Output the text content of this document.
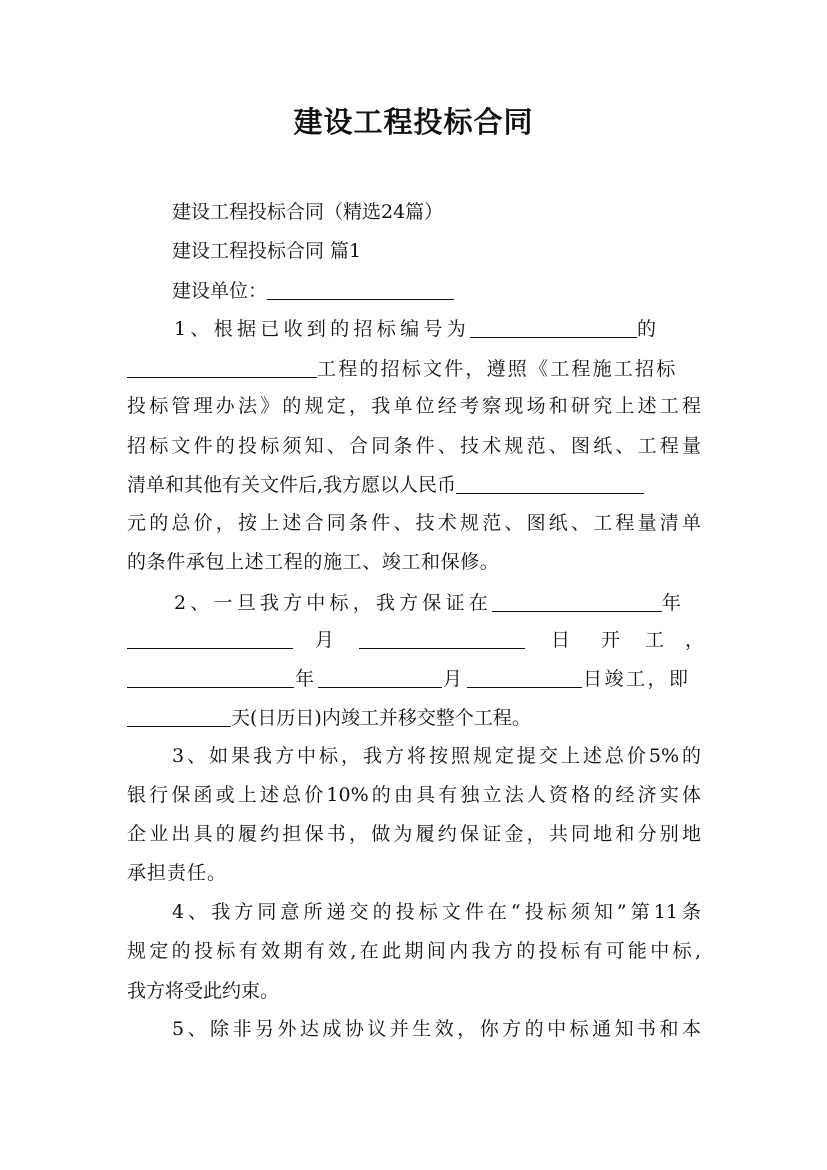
建设工程投标合同
建设工程投标合同（精选24篇）
建设工程投标合同 篇1
建设单位：
1、根据已收到的招标编号为	的
工程的招标文件，遵照《工程施工招标
投标管理办法》的规定，我单位经考察现场和研究上述工程
招标文件的投标须知、合同条件、技术规范、图纸、工程量
清单和其他有关文件后,我方愿以人民币
元的总价，按上述合同条件、技术规范、图纸、工程量清单
的条件承包上述工程的施工、竣工和保修。
2、一旦我方中标，我方保证在	年
月	日 开 工 ，
年	月	日竣工，即
天(日历日)内竣工并移交整个工程。
3、如果我方中标，我方将按照规定提交上述总价5%的
银行保函或上述总价10%的由具有独立法人资格的经济实体
企业出具的履约担保书，做为履约保证金，共同地和分别地
承担责任。
4、我方同意所递交的投标文件在“投标须知”第11条
规定的投标有效期有效,在此期间内我方的投标有可能中标,
我方将受此约束。
5、除非另外达成协议并生效，你方的中标通知书和本
